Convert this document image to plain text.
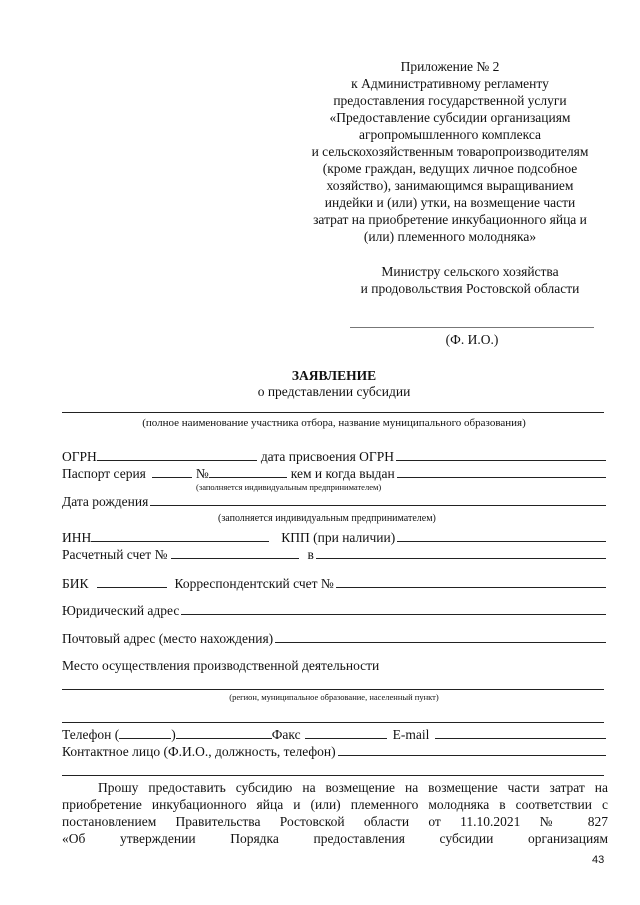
Приложение № 2
к Административному регламенту
предоставления государственной услуги
«Предоставление субсидии организациям
агропромышленного комплекса
и сельскохозяйственным товаропроизводителям
(кроме граждан, ведущих личное подсобное
хозяйство), занимающимся выращиванием
индейки и (или) утки, на возмещение части
затрат на приобретение инкубационного яйца и
(или) племенного молодняка»
Министру сельского хозяйства
и продовольствия Ростовской области
(Ф. И.О.)
ЗАЯВЛЕНИЕ
о представлении субсидии
(полное наименование участника отбора, название муниципального образования)
ОГРН	дата присвоения ОГРН
Паспорт серия	№	кем и когда выдан
(заполняется индивидуальным предпринимателем)
Дата рождения
(заполняется индивидуальным предпринимателем)
ИНН	КПП (при наличии)
Расчетный счет №	в
БИК	Корреспондентский счет №
Юридический адрес
Почтовый адрес (место нахождения)
Место осуществления производственной деятельности
(регион, муниципальное образование, населенный пункт)
Телефон (	)	Факс	E-mail
Контактное лицо (Ф.И.О., должность, телефон)
Прошу предоставить субсидию на возмещение на возмещение части затрат на
приобретение инкубационного яйца и (или) племенного молодняка в соответствии с
постановлением Правительства Ростовской области от 11.10.2021 № 827
«Об утверждении Порядка предоставления субсидии организациям
43
